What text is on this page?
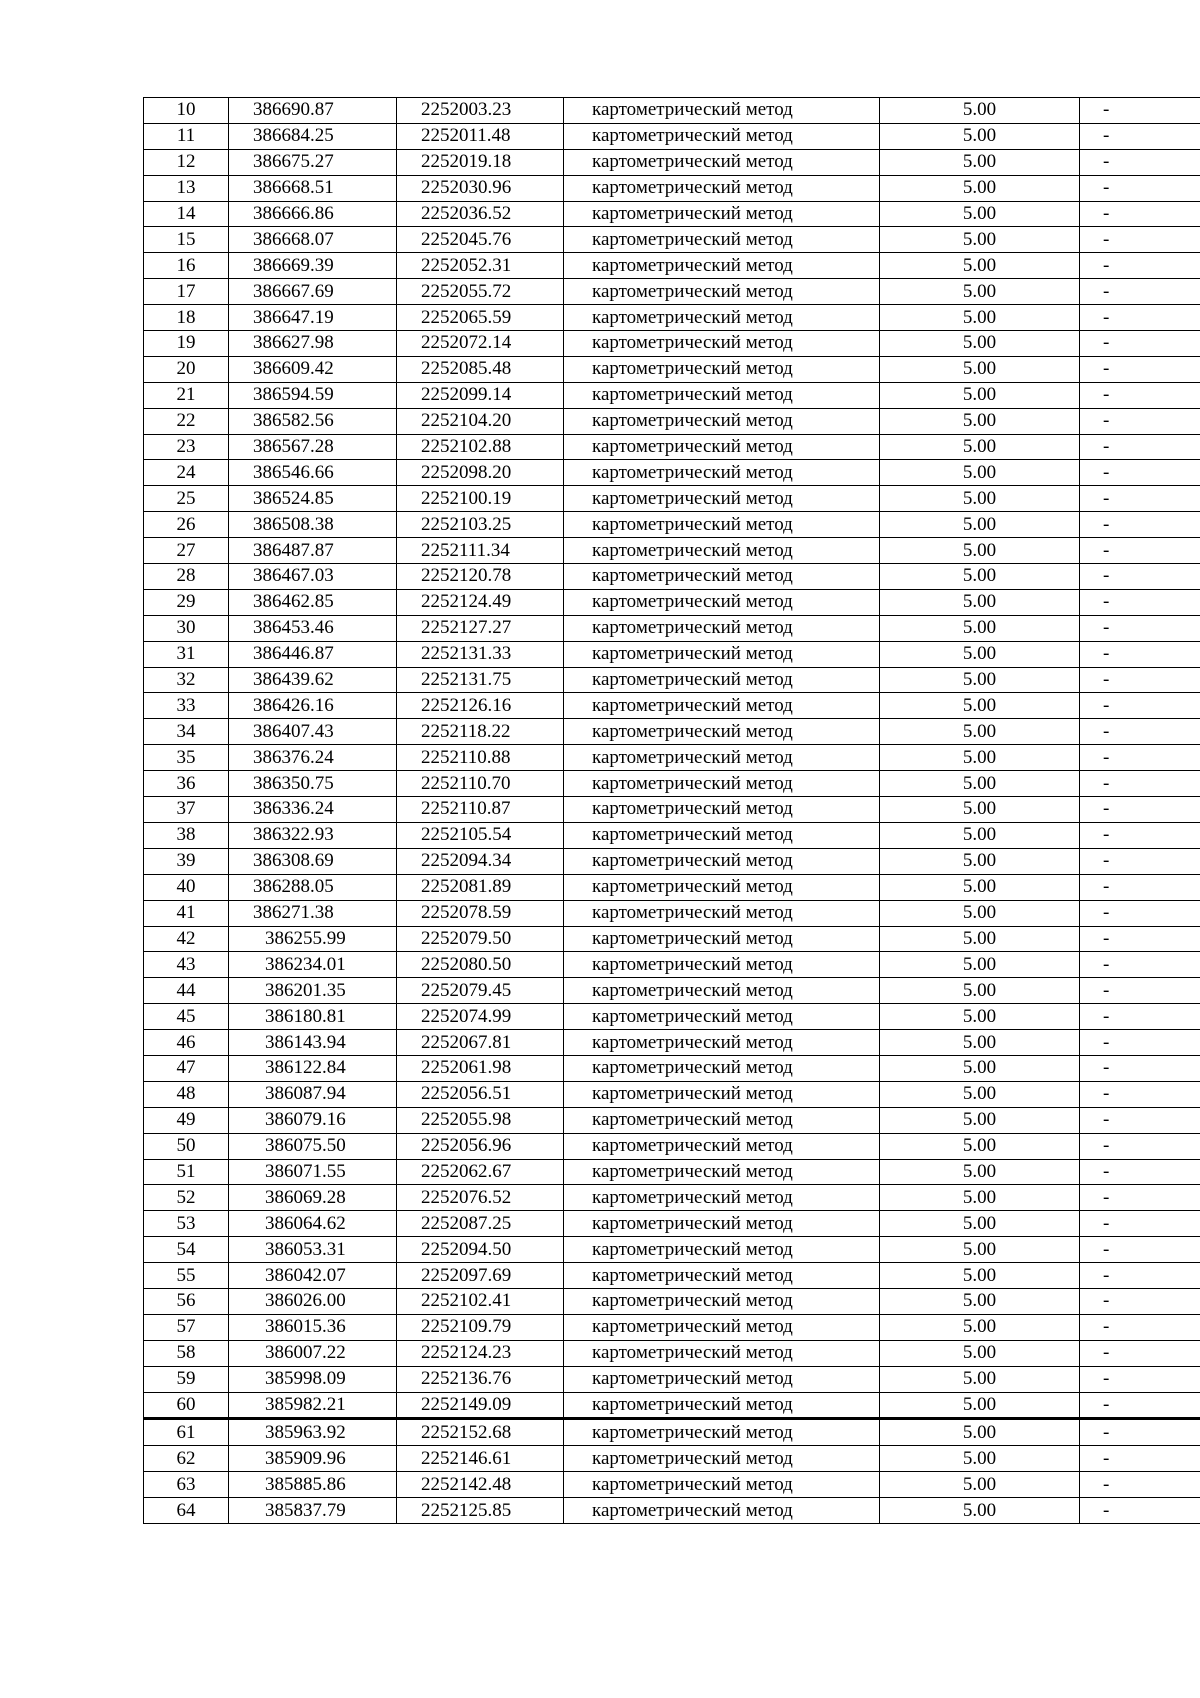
10	386690.87	2252003.23	картометрический метод	5.00	-
11	386684.25	2252011.48	картометрический метод	5.00	-
12	386675.27	2252019.18	картометрический метод	5.00	-
13	386668.51	2252030.96	картометрический метод	5.00	-
14	386666.86	2252036.52	картометрический метод	5.00	-
15	386668.07	2252045.76	картометрический метод	5.00	-
16	386669.39	2252052.31	картометрический метод	5.00	-
17	386667.69	2252055.72	картометрический метод	5.00	-
18	386647.19	2252065.59	картометрический метод	5.00	-
19	386627.98	2252072.14	картометрический метод	5.00	-
20	386609.42	2252085.48	картометрический метод	5.00	-
21	386594.59	2252099.14	картометрический метод	5.00	-
22	386582.56	2252104.20	картометрический метод	5.00	-
23	386567.28	2252102.88	картометрический метод	5.00	-
24	386546.66	2252098.20	картометрический метод	5.00	-
25	386524.85	2252100.19	картометрический метод	5.00	-
26	386508.38	2252103.25	картометрический метод	5.00	-
27	386487.87	2252111.34	картометрический метод	5.00	-
28	386467.03	2252120.78	картометрический метод	5.00	-
29	386462.85	2252124.49	картометрический метод	5.00	-
30	386453.46	2252127.27	картометрический метод	5.00	-
31	386446.87	2252131.33	картометрический метод	5.00	-
32	386439.62	2252131.75	картометрический метод	5.00	-
33	386426.16	2252126.16	картометрический метод	5.00	-
34	386407.43	2252118.22	картометрический метод	5.00	-
35	386376.24	2252110.88	картометрический метод	5.00	-
36	386350.75	2252110.70	картометрический метод	5.00	-
37	386336.24	2252110.87	картометрический метод	5.00	-
38	386322.93	2252105.54	картометрический метод	5.00	-
39	386308.69	2252094.34	картометрический метод	5.00	-
40	386288.05	2252081.89	картометрический метод	5.00	-
41	386271.38	2252078.59	картометрический метод	5.00	-
42	386255.99	2252079.50	картометрический метод	5.00	-
43	386234.01	2252080.50	картометрический метод	5.00	-
44	386201.35	2252079.45	картометрический метод	5.00	-
45	386180.81	2252074.99	картометрический метод	5.00	-
46	386143.94	2252067.81	картометрический метод	5.00	-
47	386122.84	2252061.98	картометрический метод	5.00	-
48	386087.94	2252056.51	картометрический метод	5.00	-
49	386079.16	2252055.98	картометрический метод	5.00	-
50	386075.50	2252056.96	картометрический метод	5.00	-
51	386071.55	2252062.67	картометрический метод	5.00	-
52	386069.28	2252076.52	картометрический метод	5.00	-
53	386064.62	2252087.25	картометрический метод	5.00	-
54	386053.31	2252094.50	картометрический метод	5.00	-
55	386042.07	2252097.69	картометрический метод	5.00	-
56	386026.00	2252102.41	картометрический метод	5.00	-
57	386015.36	2252109.79	картометрический метод	5.00	-
58	386007.22	2252124.23	картометрический метод	5.00	-
59	385998.09	2252136.76	картометрический метод	5.00	-
60	385982.21	2252149.09	картометрический метод	5.00	-
61	385963.92	2252152.68	картометрический метод	5.00	-
62	385909.96	2252146.61	картометрический метод	5.00	-
63	385885.86	2252142.48	картометрический метод	5.00	-
64	385837.79	2252125.85	картометрический метод	5.00	-
